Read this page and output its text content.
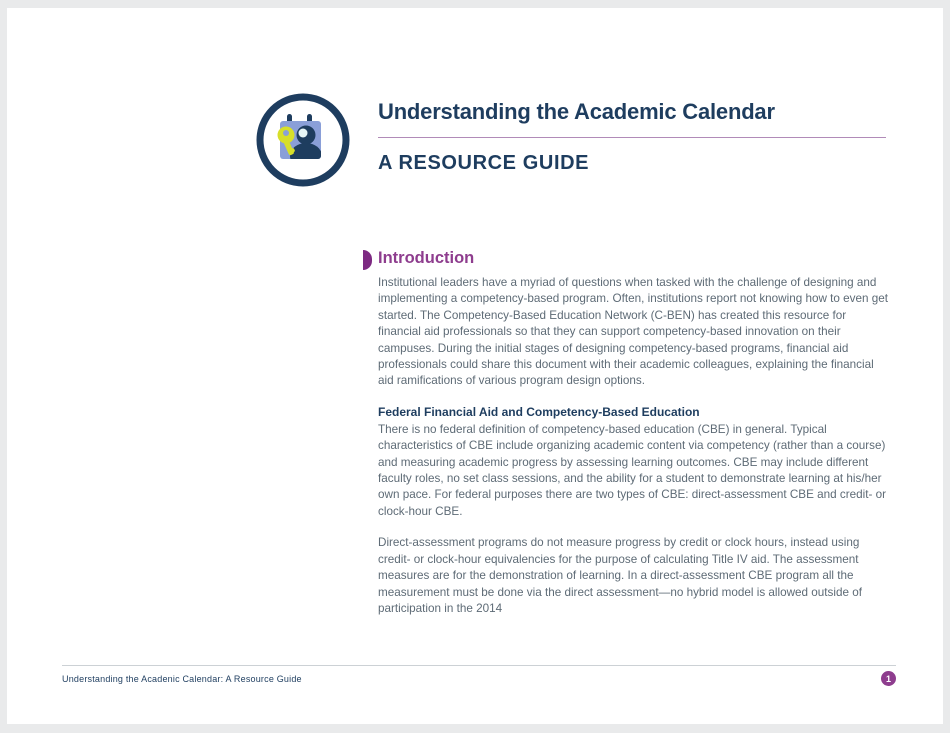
Understanding the Academic Calendar
A RESOURCE GUIDE
Introduction

Institutional leaders have a myriad of questions when tasked with the challenge of designing and implementing a competency-based program. Often, institutions report not knowing how to even get started. The Competency-Based Education Network (C-BEN) has created this resource for financial aid professionals so that they can support competency-based innovation on their campuses. During the initial stages of designing competency-based programs, financial aid professionals could share this document with their academic colleagues, explaining the financial aid ramifications of various program design options.

Federal Financial Aid and Competency-Based Education

There is no federal definition of competency-based education (CBE) in general. Typical characteristics of CBE include organizing academic content via competency (rather than a course) and measuring academic progress by assessing learning outcomes. CBE may include different faculty roles, no set class sessions, and the ability for a student to demonstrate learning at his/her own pace. For federal purposes there are two types of CBE: direct-assessment CBE and credit- or clock-hour CBE.

Direct-assessment programs do not measure progress by credit or clock hours, instead using credit- or clock-hour equivalencies for the purpose of calculating Title IV aid. The assessment measures are for the demonstration of learning. In a direct-assessment CBE program all the measurement must be done via the direct assessment—no hybrid model is allowed outside of participation in the 2014

Understanding the Acadenic Calendar: A Resource Guide	1
